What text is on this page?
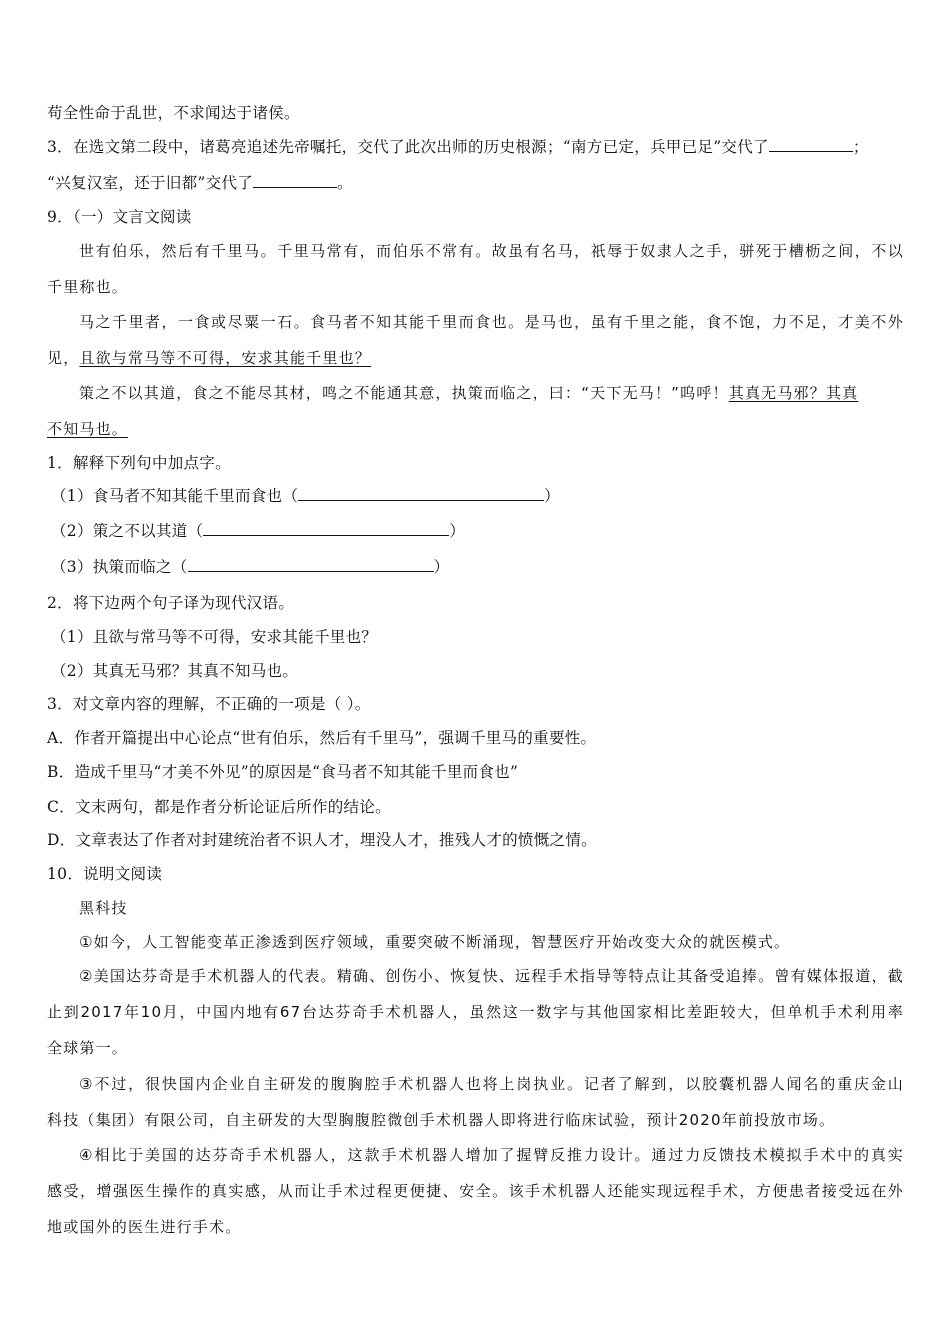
苟全性命于乱世，不求闻达于诸侯。
3．在选文第二段中，诸葛亮追述先帝嘱托，交代了此次出师的历史根源；“南方已定，兵甲已足”交代了	；
“兴复汉室，还于旧都”交代了	。
9．（一）文言文阅读
世有伯乐，然后有千里马。千里马常有，而伯乐不常有。故虽有名马，祇辱于奴隶人之手，骈死于槽枥之间，不以
千里称也。
马之千里者，一食或尽粟一石。食马者不知其能千里而食也。是马也，虽有千里之能，食不饱，力不足，才美不外
见，且欲与常马等不可得，安求其能千里也？
策之不以其道，食之不能尽其材，鸣之不能通其意，执策而临之，曰：“天下无马！”呜呼！其真无马邪？其真
不知马也。
1．解释下列句中加点字。
（1）食马者不知其能千里而食也（	）
（2）策之不以其道（	）
（3）执策而临之（	）
2．将下边两个句子译为现代汉语。
（1）且欲与常马等不可得，安求其能千里也？
（2）其真无马邪？其真不知马也。
3．对文章内容的理解，不正确的一项是（ ）。
A．作者开篇提出中心论点“世有伯乐，然后有千里马”，强调千里马的重要性。
B．造成千里马“才美不外见”的原因是“食马者不知其能千里而食也”
C．文末两句，都是作者分析论证后所作的结论。
D．文章表达了作者对封建统治者不识人才，埋没人才，推残人才的愤慨之情。
10．说明文阅读
黑科技
①如今，人工智能变革正渗透到医疗领域，重要突破不断涌现，智慧医疗开始改变大众的就医模式。
②美国达芬奇是手术机器人的代表。精确、创伤小、恢复快、远程手术指导等特点让其备受追捧。曾有媒体报道，截
止到2017年10月，中国内地有67台达芬奇手术机器人，虽然这一数字与其他国家相比差距较大，但单机手术利用率
全球第一。
③不过，很快国内企业自主研发的腹胸腔手术机器人也将上岗执业。记者了解到，以胶囊机器人闻名的重庆金山
科技（集团）有限公司，自主研发的大型胸腹腔微创手术机器人即将进行临床试验，预计2020年前投放市场。
④相比于美国的达芬奇手术机器人，这款手术机器人增加了握臂反推力设计。通过力反馈技术模拟手术中的真实
感受，增强医生操作的真实感，从而让手术过程更便捷、安全。该手术机器人还能实现远程手术，方便患者接受远在外
地或国外的医生进行手术。
